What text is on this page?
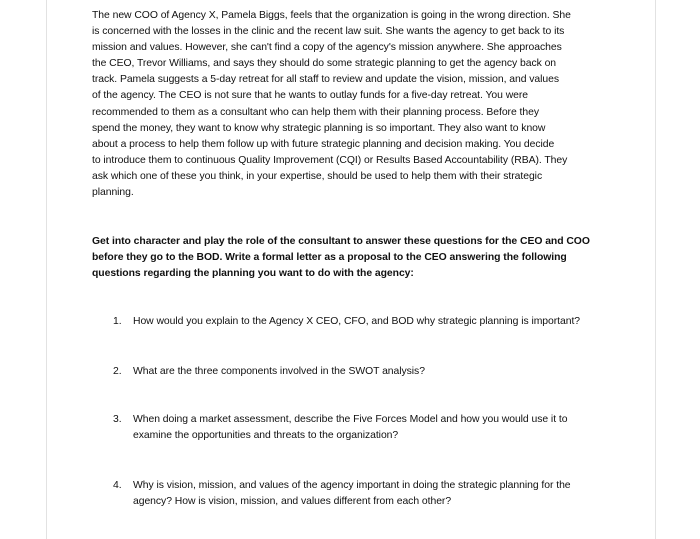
The new COO of Agency X, Pamela Biggs, feels that the organization is going in the wrong direction. She
is concerned with the losses in the clinic and the recent law suit. She wants the agency to get back to its
mission and values. However, she can't find a copy of the agency's mission anywhere. She approaches
the CEO, Trevor Williams, and says they should do some strategic planning to get the agency back on
track. Pamela suggests a 5-day retreat for all staff to review and update the vision, mission, and values
of the agency. The CEO is not sure that he wants to outlay funds for a five-day retreat. You were
recommended to them as a consultant who can help them with their planning process. Before they
spend the money, they want to know why strategic planning is so important. They also want to know
about a process to help them follow up with future strategic planning and decision making. You decide
to introduce them to continuous Quality Improvement (CQI) or Results Based Accountability (RBA). They
ask which one of these you think, in your expertise, should be used to help them with their strategic
planning.
Get into character and play the role of the consultant to answer these questions for the CEO and COO
before they go to the BOD. Write a formal letter as a proposal to the CEO answering the following
questions regarding the planning you want to do with the agency:
1. How would you explain to the Agency X CEO, CFO, and BOD why strategic planning is important?
2. What are the three components involved in the SWOT analysis?
3. When doing a market assessment, describe the Five Forces Model and how you would use it to
examine the opportunities and threats to the organization?
4. Why is vision, mission, and values of the agency important in doing the strategic planning for the
agency? How is vision, mission, and values different from each other?
